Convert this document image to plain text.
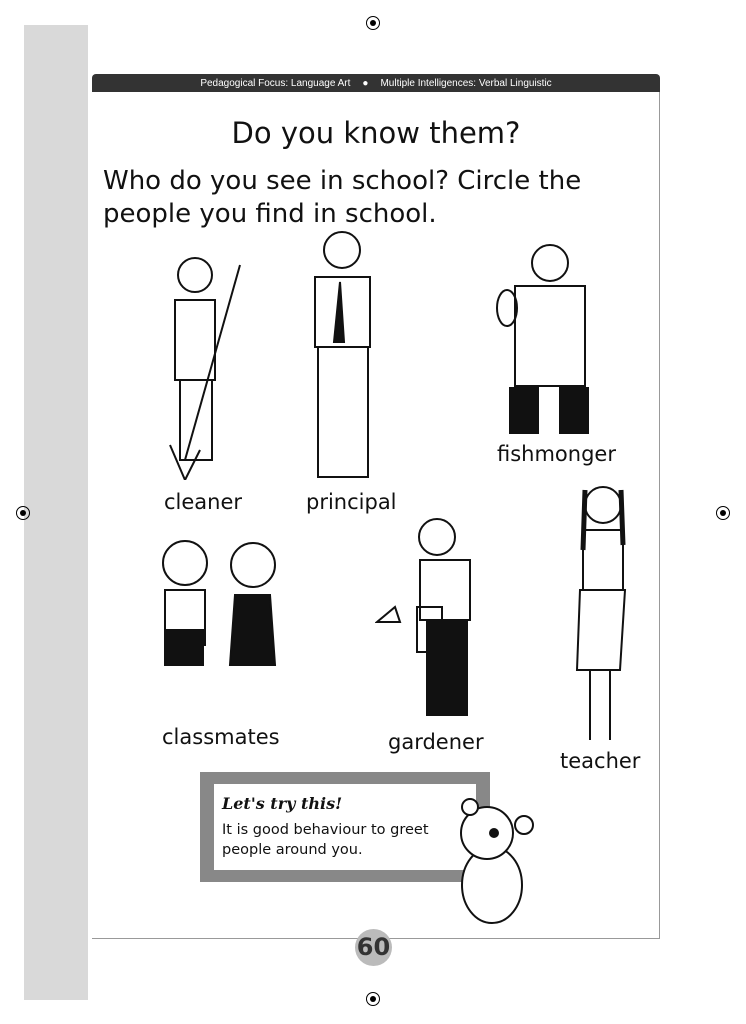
Pedagogical Focus: Language Art ● Multiple Intelligences: Verbal Linguistic
Do you know them?
Who do you see in school? Circle the people you find in school.
cleaner	principal
fishmonger
classmates	gardener
teacher
Let's try this!
It is good behaviour to greet people around you.
60
